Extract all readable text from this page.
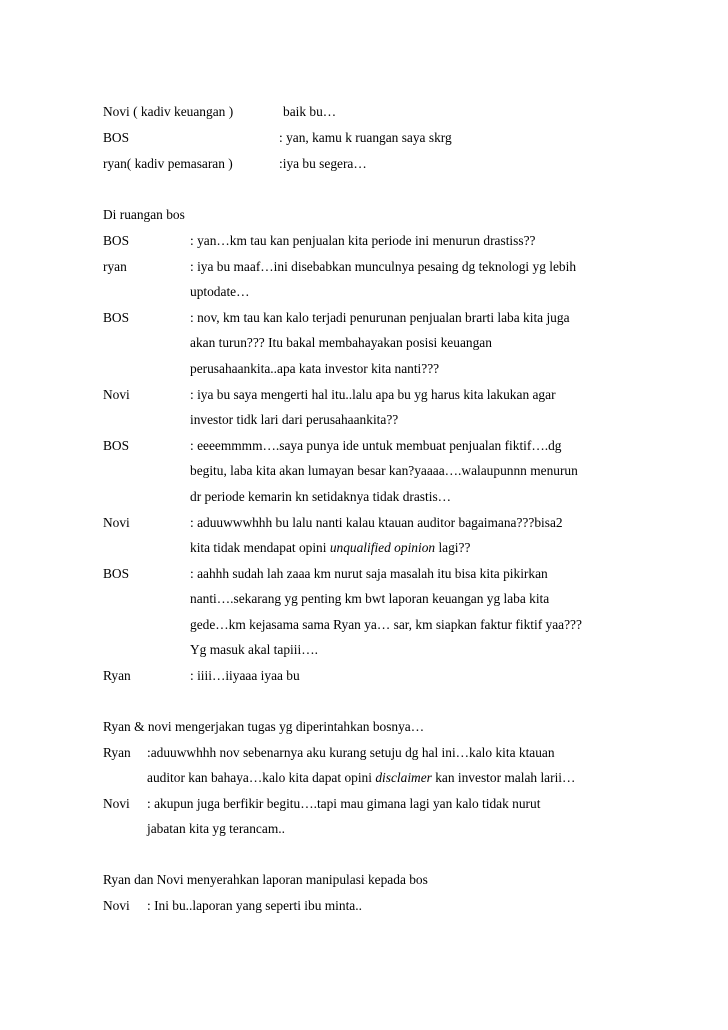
Novi ( kadiv keuangan )	baik bu…
BOS	: yan, kamu k ruangan saya skrg
ryan( kadiv pemasaran )	:iya bu segera…
Di ruangan bos
BOS	: yan…km tau kan penjualan kita periode ini menurun drastiss??
ryan	: iya bu maaf…ini disebabkan munculnya pesaing dg teknologi yg lebih
uptodate…
BOS	: nov, km tau kan kalo terjadi penurunan penjualan brarti laba kita juga
akan turun??? Itu bakal membahayakan posisi keuangan
perusahaankita..apa kata investor kita nanti???
Novi	: iya bu saya mengerti hal itu..lalu apa bu yg harus kita lakukan agar
investor tidk lari dari perusahaankita??
BOS	: eeeemmmm….saya punya ide untuk membuat penjualan fiktif….dg
begitu, laba kita akan lumayan besar kan?yaaaa….walaupunnn menurun
dr periode kemarin kn setidaknya tidak drastis…
Novi	: aduuwwwhhh bu lalu nanti kalau ktauan auditor bagaimana???bisa2
kita tidak mendapat opini unqualified opinion lagi??
BOS	: aahhh sudah lah zaaa km nurut saja masalah itu bisa kita pikirkan
nanti….sekarang yg penting km bwt laporan keuangan yg laba kita
gede…km kejasama sama Ryan ya… sar, km siapkan faktur fiktif yaa???
Yg masuk akal tapiii….
Ryan	: iiii…iiyaaa iyaa bu
Ryan & novi mengerjakan tugas yg diperintahkan bosnya…
Ryan :aduuwwhhh nov sebenarnya aku kurang setuju dg hal ini…kalo kita ktauan
auditor kan bahaya…kalo kita dapat opini disclaimer kan investor malah larii…
Novi : akupun juga berfikir begitu….tapi mau gimana lagi yan kalo tidak nurut
jabatan kita yg terancam..
Ryan dan Novi menyerahkan laporan manipulasi kepada bos
Novi : Ini bu..laporan yang seperti ibu minta..
